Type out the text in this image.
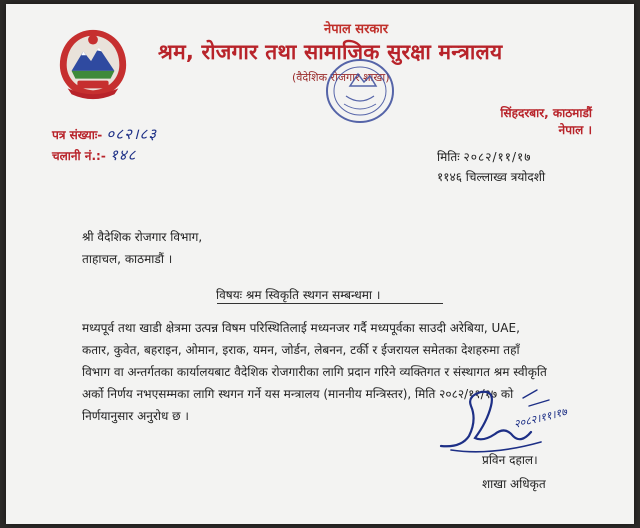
नेपाल सरकार
श्रम, रोजगार तथा सामाजिक सुरक्षा मन्त्रालय
(वैदेशिक रोजगार शाखा)
सिंहदरबार, काठमाडौं
नेपाल ।
पत्र संख्याः- ०८२।८३
चलानी नं.:- १४८	मितिः २०८२/११/१७
११४६ चिल्लाख्व त्रयोदशी
श्री वैदेशिक रोजगार विभाग,
ताहाचल, काठमाडौं ।
विषयः श्रम स्विकृति स्थगन सम्बन्धमा ।
मध्यपूर्व तथा खाडी क्षेत्रमा उत्पन्न विषम परिस्थितिलाई मध्यनजर गर्दै मध्यपूर्वका साउदी अरेबिया, UAE,
कतार, कुवेत, बहराइन, ओमान, इराक, यमन, जोर्डन, लेबनन, टर्की र ईजरायल समेतका देशहरुमा तहाँ
विभाग वा अन्तर्गतका कार्यालयबाट वैदेशिक रोजगारीका लागि प्रदान गरिने व्यक्तिगत र संस्थागत श्रम स्वीकृति
अर्को निर्णय नभएसम्मका लागि स्थगन गर्ने यस मन्त्रालय (माननीय मन्त्रिस्तर), मिति २०८२/११/१७ को
निर्णयानुसार अनुरोध छ ।	२०८२।११।१७
प्रविन दहाल।
शाखा अधिकृत
